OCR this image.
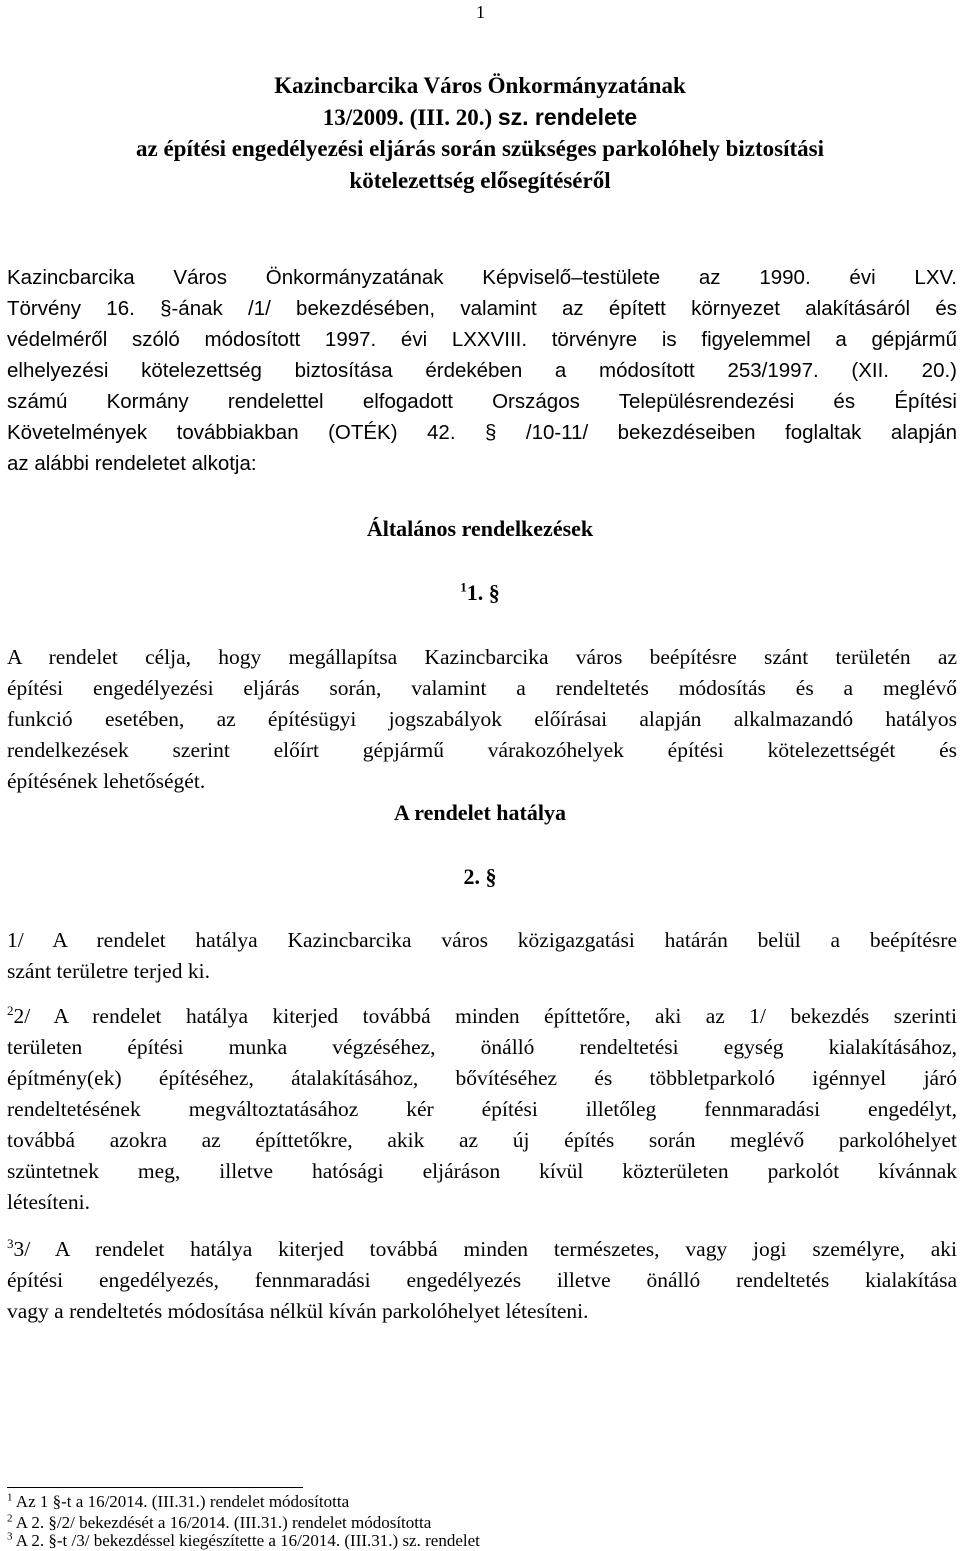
1
Kazincbarcika Város Önkormányzatának
13/2009. (III. 20.) sz. rendelete
az építési engedélyezési eljárás során szükséges parkolóhely biztosítási
kötelezettség elősegítéséről
Kazincbarcika Város Önkormányzatának Képviselő–testülete az 1990. évi LXV.
Törvény 16. §-ának /1/ bekezdésében, valamint az épített környezet alakításáról és
védelméről szóló módosított 1997. évi LXXVIII. törvényre is figyelemmel a gépjármű
elhelyezési kötelezettség biztosítása érdekében a módosított 253/1997. (XII. 20.)
számú Kormány rendelettel elfogadott Országos Településrendezési és Építési
Követelmények továbbiakban (OTÉK) 42. § /10-11/ bekezdéseiben foglaltak alapján
az alábbi rendeletet alkotja:
Általános rendelkezések
$^1$1. §
A rendelet célja, hogy megállapítsa Kazincbarcika város beépítésre szánt területén az
építési engedélyezési eljárás során, valamint a rendeltetés módosítás és a meglévő
funkció esetében, az építésügyi jogszabályok előírásai alapján alkalmazandó hatályos
rendelkezések szerint előírt gépjármű várakozóhelyek építési kötelezettségét és
építésének lehetőségét.
A rendelet hatálya
2. §
1/ A rendelet hatálya Kazincbarcika város közigazgatási határán belül a beépítésre
szánt területre terjed ki.
$^2$2/ A rendelet hatálya kiterjed továbbá minden építtetőre, aki az 1/ bekezdés szerinti
területen építési munka végzéséhez, önálló rendeltetési egység kialakításához,
építmény(ek) építéséhez, átalakításához, bővítéséhez és többletparkoló igénnyel járó
rendeltetésének megváltoztatásához kér építési illetőleg fennmaradási engedélyt,
továbbá azokra az építtetőkre, akik az új építés során meglévő parkolóhelyet
szüntetnek meg, illetve hatósági eljáráson kívül közterületen parkolót kívánnak
létesíteni.
$^3$3/ A rendelet hatálya kiterjed továbbá minden természetes, vagy jogi személyre, aki
építési engedélyezés, fennmaradási engedélyezés illetve önálló rendeltetés kialakítása
vagy a rendeltetés módosítása nélkül kíván parkolóhelyet létesíteni.
$^1$ Az 1 §-t a 16/2014. (III.31.) rendelet módosította
$^2$ A 2. §/2/ bekezdését a 16/2014. (III.31.) rendelet módosította
$^3$ A 2. §-t /3/ bekezdéssel kiegészítette a 16/2014. (III.31.) sz. rendelet
